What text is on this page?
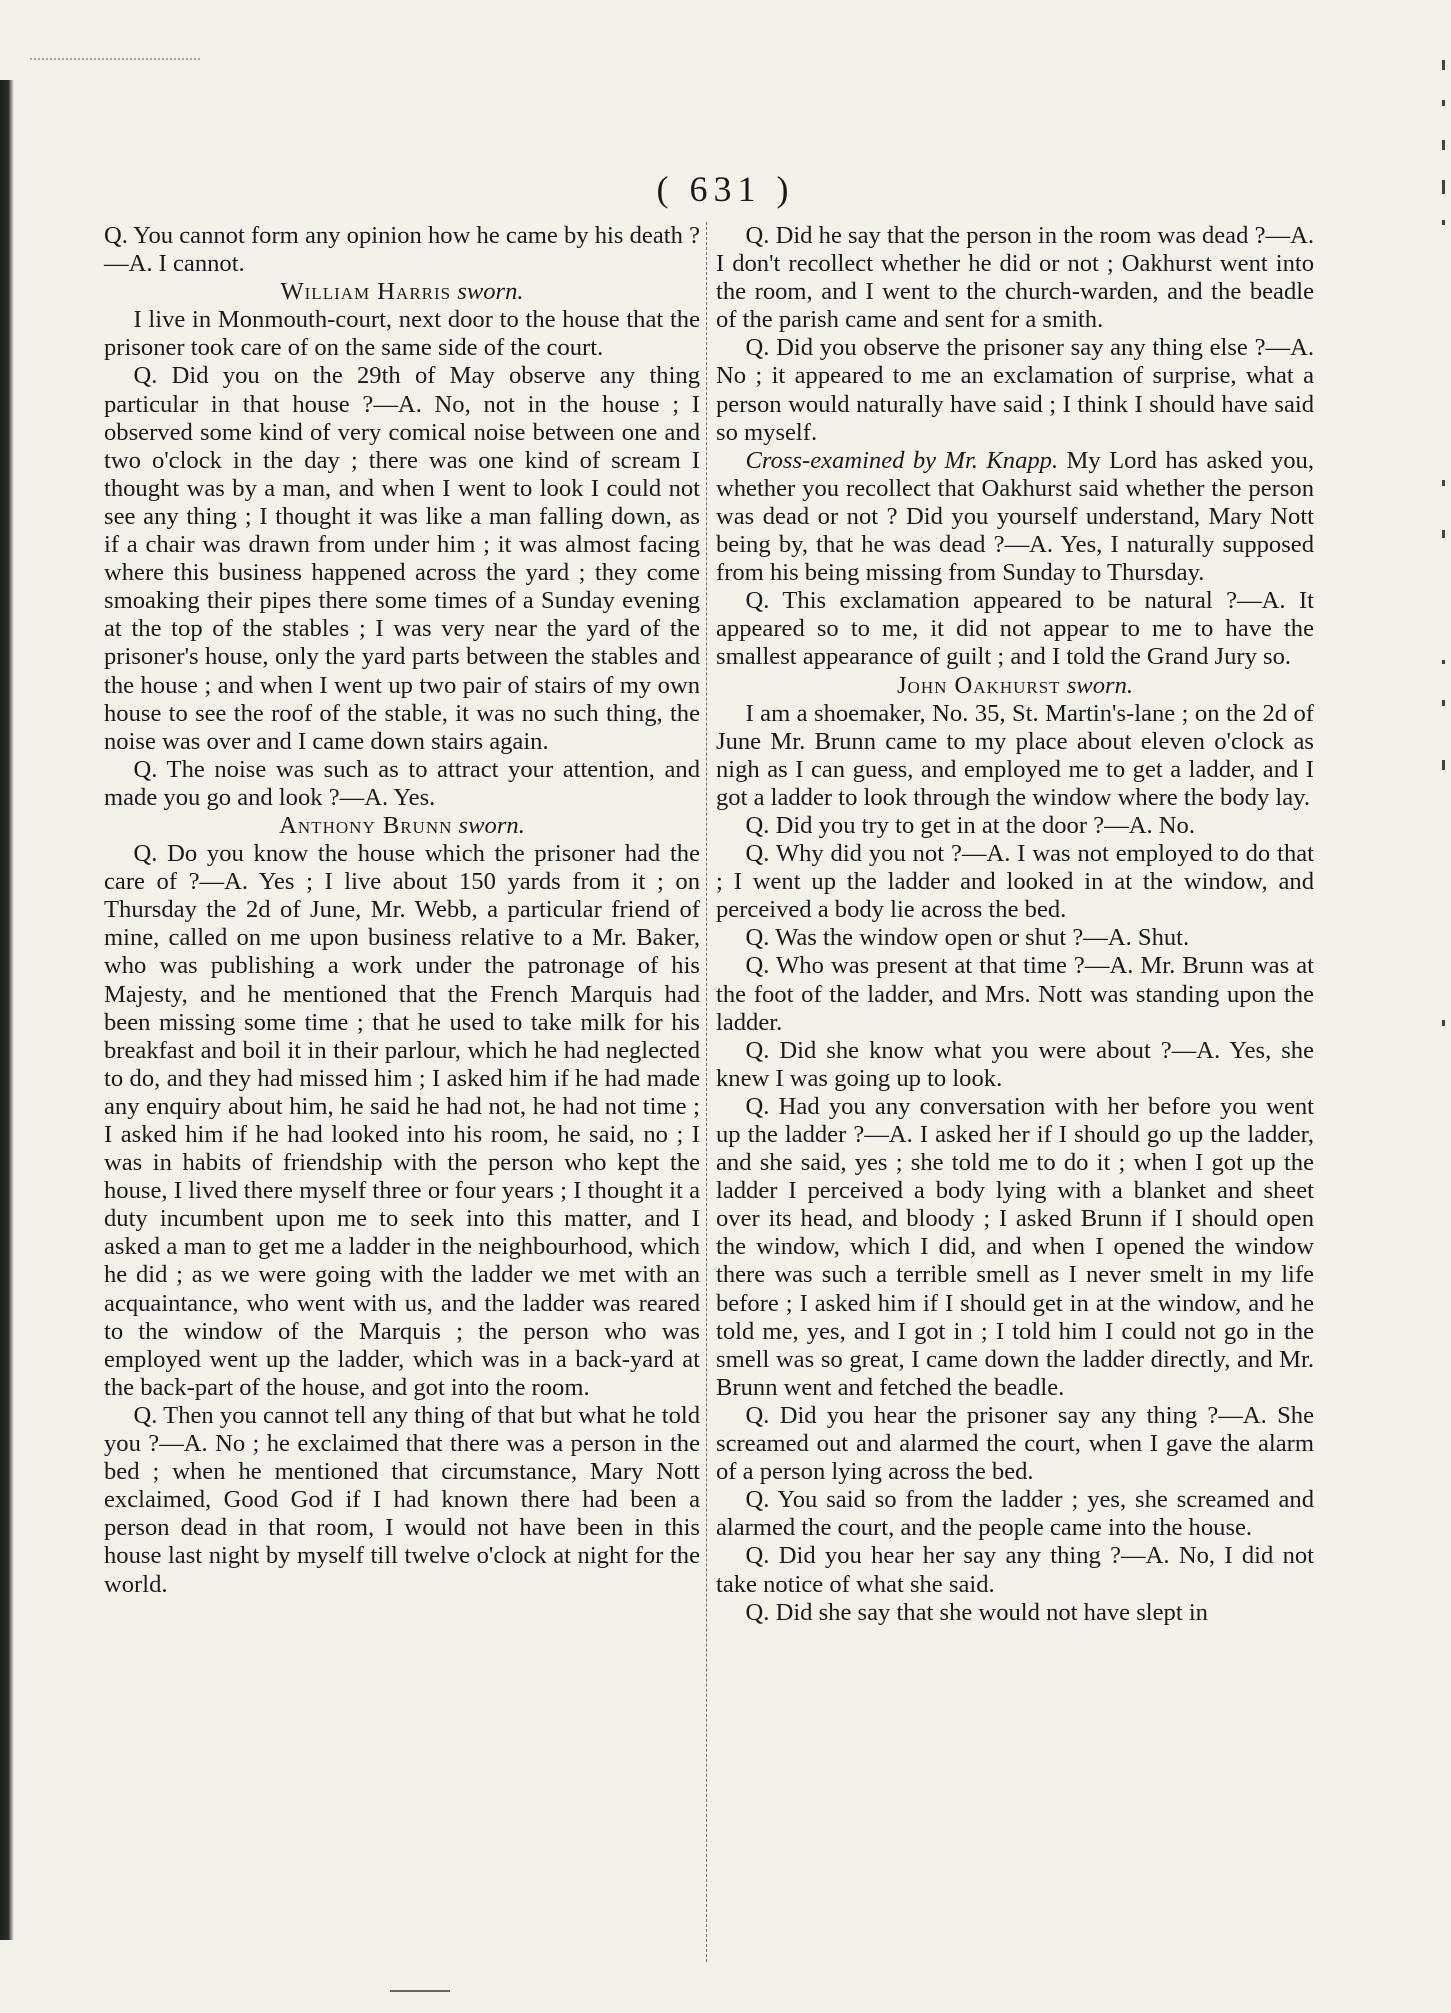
( 631 )

Q. You cannot form any opinion how he came by his death ?—A. I cannot.

William Harris sworn.

I live in Monmouth-court, next door to the house that the prisoner took care of on the same side of the court.

Q. Did you on the 29th of May observe any thing particular in that house ?—A. No, not in the house ; I observed some kind of very comical noise between one and two o'clock in the day ; there was one kind of scream I thought was by a man, and when I went to look I could not see any thing ; I thought it was like a man falling down, as if a chair was drawn from under him ; it was almost facing where this business happened across the yard ; they come smoaking their pipes there some times of a Sunday evening at the top of the stables ; I was very near the yard of the prisoner's house, only the yard parts between the stables and the house ; and when I went up two pair of stairs of my own house to see the roof of the stable, it was no such thing, the noise was over and I came down stairs again.

Q. The noise was such as to attract your attention, and made you go and look ?—A. Yes.

Anthony Brunn sworn.

Q. Do you know the house which the prisoner had the care of ?—A. Yes ; I live about 150 yards from it ; on Thursday the 2d of June, Mr. Webb, a particular friend of mine, called on me upon business relative to a Mr. Baker, who was publishing a work under the patronage of his Majesty, and he mentioned that the French Marquis had been missing some time ; that he used to take milk for his breakfast and boil it in their parlour, which he had neglected to do, and they had missed him ; I asked him if he had made any enquiry about him, he said he had not, he had not time ; I asked him if he had looked into his room, he said, no ; I was in habits of friendship with the person who kept the house, I lived there myself three or four years ; I thought it a duty incumbent upon me to seek into this matter, and I asked a man to get me a ladder in the neighbourhood, which he did ; as we were going with the ladder we met with an acquaintance, who went with us, and the ladder was reared to the window of the Marquis ; the person who was employed went up the ladder, which was in a back-yard at the back-part of the house, and got into the room.

Q. Then you cannot tell any thing of that but what he told you ?—A. No ; he exclaimed that there was a person in the bed ; when he mentioned that circumstance, Mary Nott exclaimed, Good God if I had known there had been a person dead in that room, I would not have been in this house last night by myself till twelve o'clock at night for the world.

Q. Did he say that the person in the room was dead ?—A. I don't recollect whether he did or not ; Oakhurst went into the room, and I went to the church-warden, and the beadle of the parish came and sent for a smith.

Q. Did you observe the prisoner say any thing else ?—A. No ; it appeared to me an exclamation of surprise, what a person would naturally have said ; I think I should have said so myself.

Cross-examined by Mr. Knapp. My Lord has asked you, whether you recollect that Oakhurst said whether the person was dead or not ? Did you yourself understand, Mary Nott being by, that he was dead ?—A. Yes, I naturally supposed from his being missing from Sunday to Thursday.

Q. This exclamation appeared to be natural ?—A. It appeared so to me, it did not appear to me to have the smallest appearance of guilt ; and I told the Grand Jury so.

John Oakhurst sworn.

I am a shoemaker, No. 35, St. Martin's-lane ; on the 2d of June Mr. Brunn came to my place about eleven o'clock as nigh as I can guess, and employed me to get a ladder, and I got a ladder to look through the window where the body lay.

Q. Did you try to get in at the door ?—A. No.

Q. Why did you not ?—A. I was not employed to do that ; I went up the ladder and looked in at the window, and perceived a body lie across the bed.

Q. Was the window open or shut ?—A. Shut.

Q. Who was present at that time ?—A. Mr. Brunn was at the foot of the ladder, and Mrs. Nott was standing upon the ladder.

Q. Did she know what you were about ?—A. Yes, she knew I was going up to look.

Q. Had you any conversation with her before you went up the ladder ?—A. I asked her if I should go up the ladder, and she said, yes ; she told me to do it ; when I got up the ladder I perceived a body lying with a blanket and sheet over its head, and bloody ; I asked Brunn if I should open the window, which I did, and when I opened the window there was such a terrible smell as I never smelt in my life before ; I asked him if I should get in at the window, and he told me, yes, and I got in ; I told him I could not go in the smell was so great, I came down the ladder directly, and Mr. Brunn went and fetched the beadle.

Q. Did you hear the prisoner say any thing ?—A. She screamed out and alarmed the court, when I gave the alarm of a person lying across the bed.

Q. You said so from the ladder ; yes, she screamed and alarmed the court, and the people came into the house.

Q. Did you hear her say any thing ?—A. No, I did not take notice of what she said.

Q. Did she say that she would not have slept in
